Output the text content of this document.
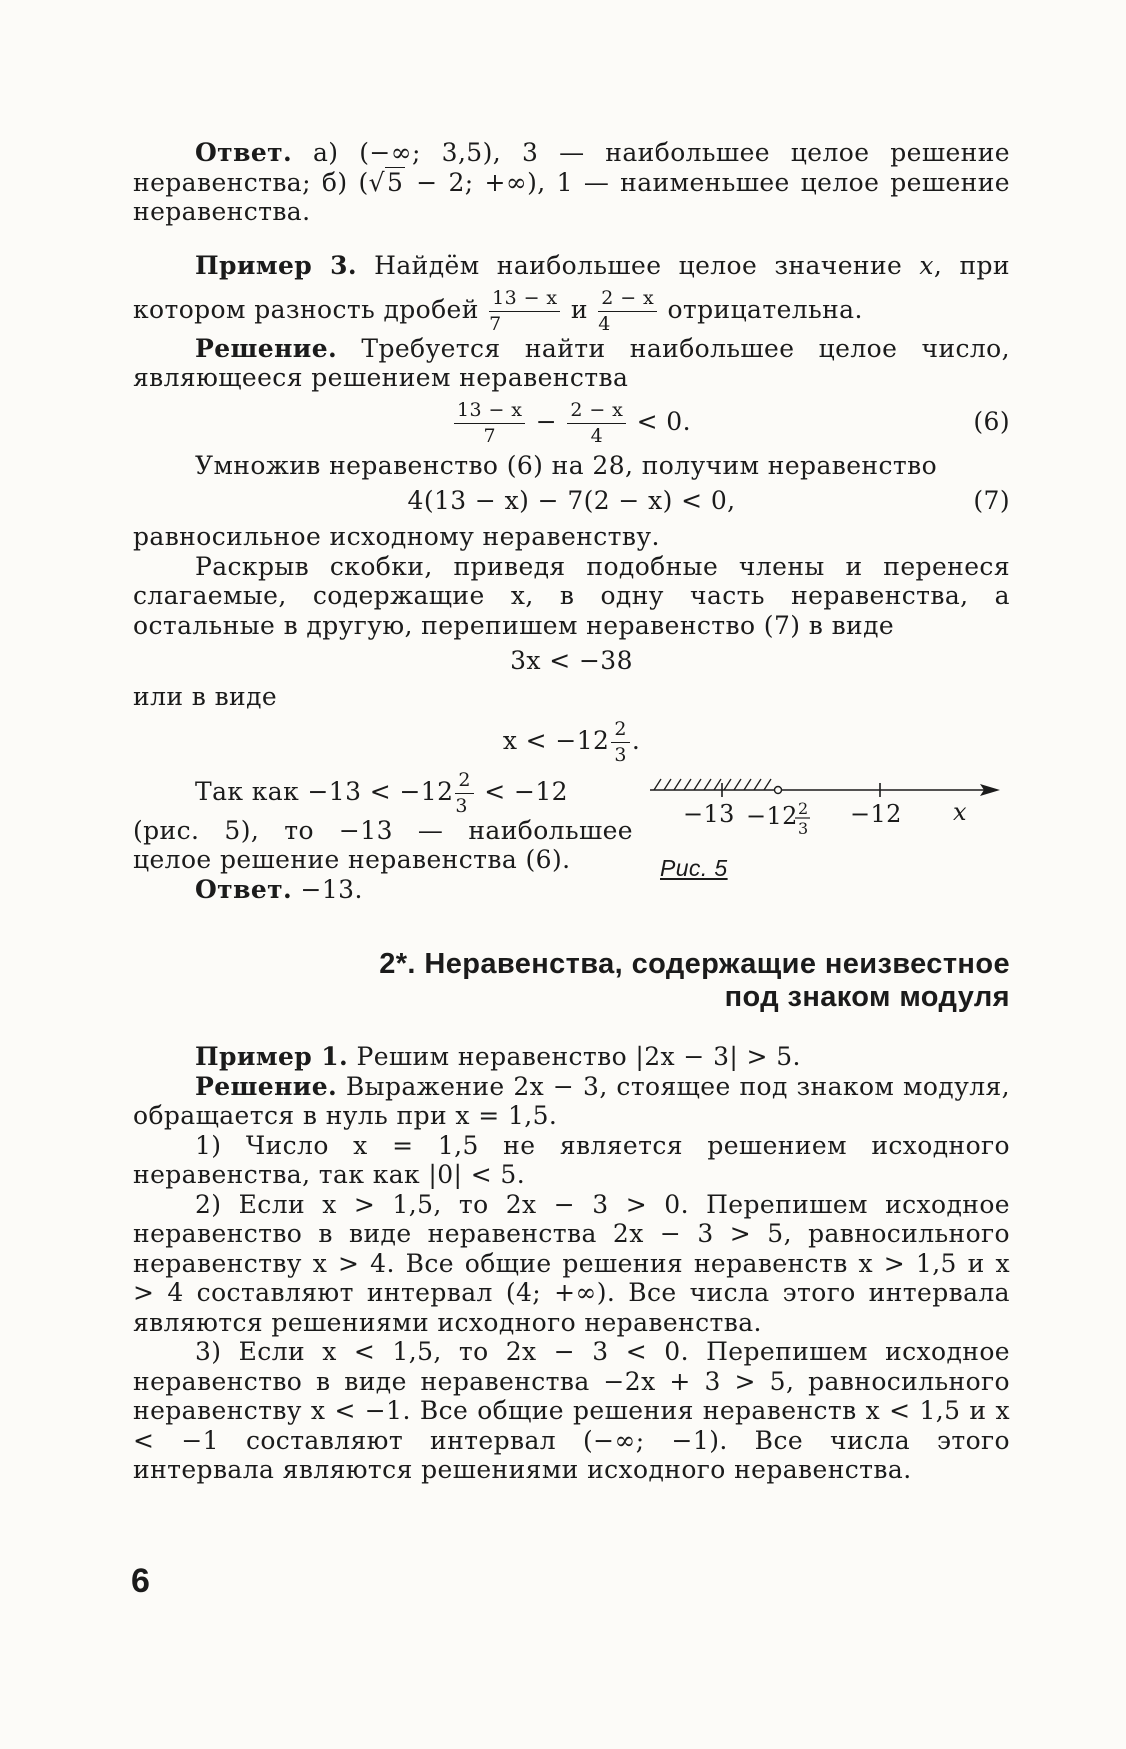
Ответ. а) (−∞; 3,5), 3 — наибольшее целое решение неравенства; б) (√5 − 2; +∞), 1 — наименьшее целое решение неравенства.

Пример 3. Найдём наибольшее целое значение x, при котором разность дробей $\frac{13 - x}{7}$ и $\frac{2 - x}{4}$ отрицательна.

Решение. Требуется найти наибольшее целое число, являющееся решением неравенства

$\frac{13 - x}{7} - \frac{2 - x}{4} < 0$.	(6)

Умножив неравенство (6) на 28, получим неравенство

4(13 − x) − 7(2 − x) < 0,	(7)

равносильное исходному неравенству.

Раскрыв скобки, приведя подобные члены и перенеся слагаемые, содержащие x, в одну часть неравенства, а остальные в другую, перепишем неравенство (7) в виде

3x < −38

или в виде

$x < -12 \frac{2}{3}$ .

Так как $-13 < -12 \frac{2}{3} < -12$

(рис. 5), то −13 — наибольшее целое решение неравенства (6).

Ответ. −13.

−13 −12 2
3
−12 x
Рис. 5
2*. Неравенства, содержащие неизвестное
под знаком модуля

Пример 1. Решим неравенство |2x − 3| > 5.

Решение. Выражение 2x − 3, стоящее под знаком модуля, обращается в нуль при x = 1,5.

1) Число x = 1,5 не является решением исходного неравенства, так как |0| < 5.

2) Если x > 1,5, то 2x − 3 > 0. Перепишем исходное неравенство в виде неравенства 2x − 3 > 5, равносильного неравенству x > 4. Все общие решения неравенств x > 1,5 и x > 4 составляют интервал (4; +∞). Все числа этого интервала являются решениями исходного неравенства.

3) Если x < 1,5, то 2x − 3 < 0. Перепишем исходное неравенство в виде неравенства −2x + 3 > 5, равносильного неравенству x < −1. Все общие решения неравенств x < 1,5 и x < −1 составляют интервал (−∞; −1). Все числа этого интервала являются решениями исходного неравенства.

6
